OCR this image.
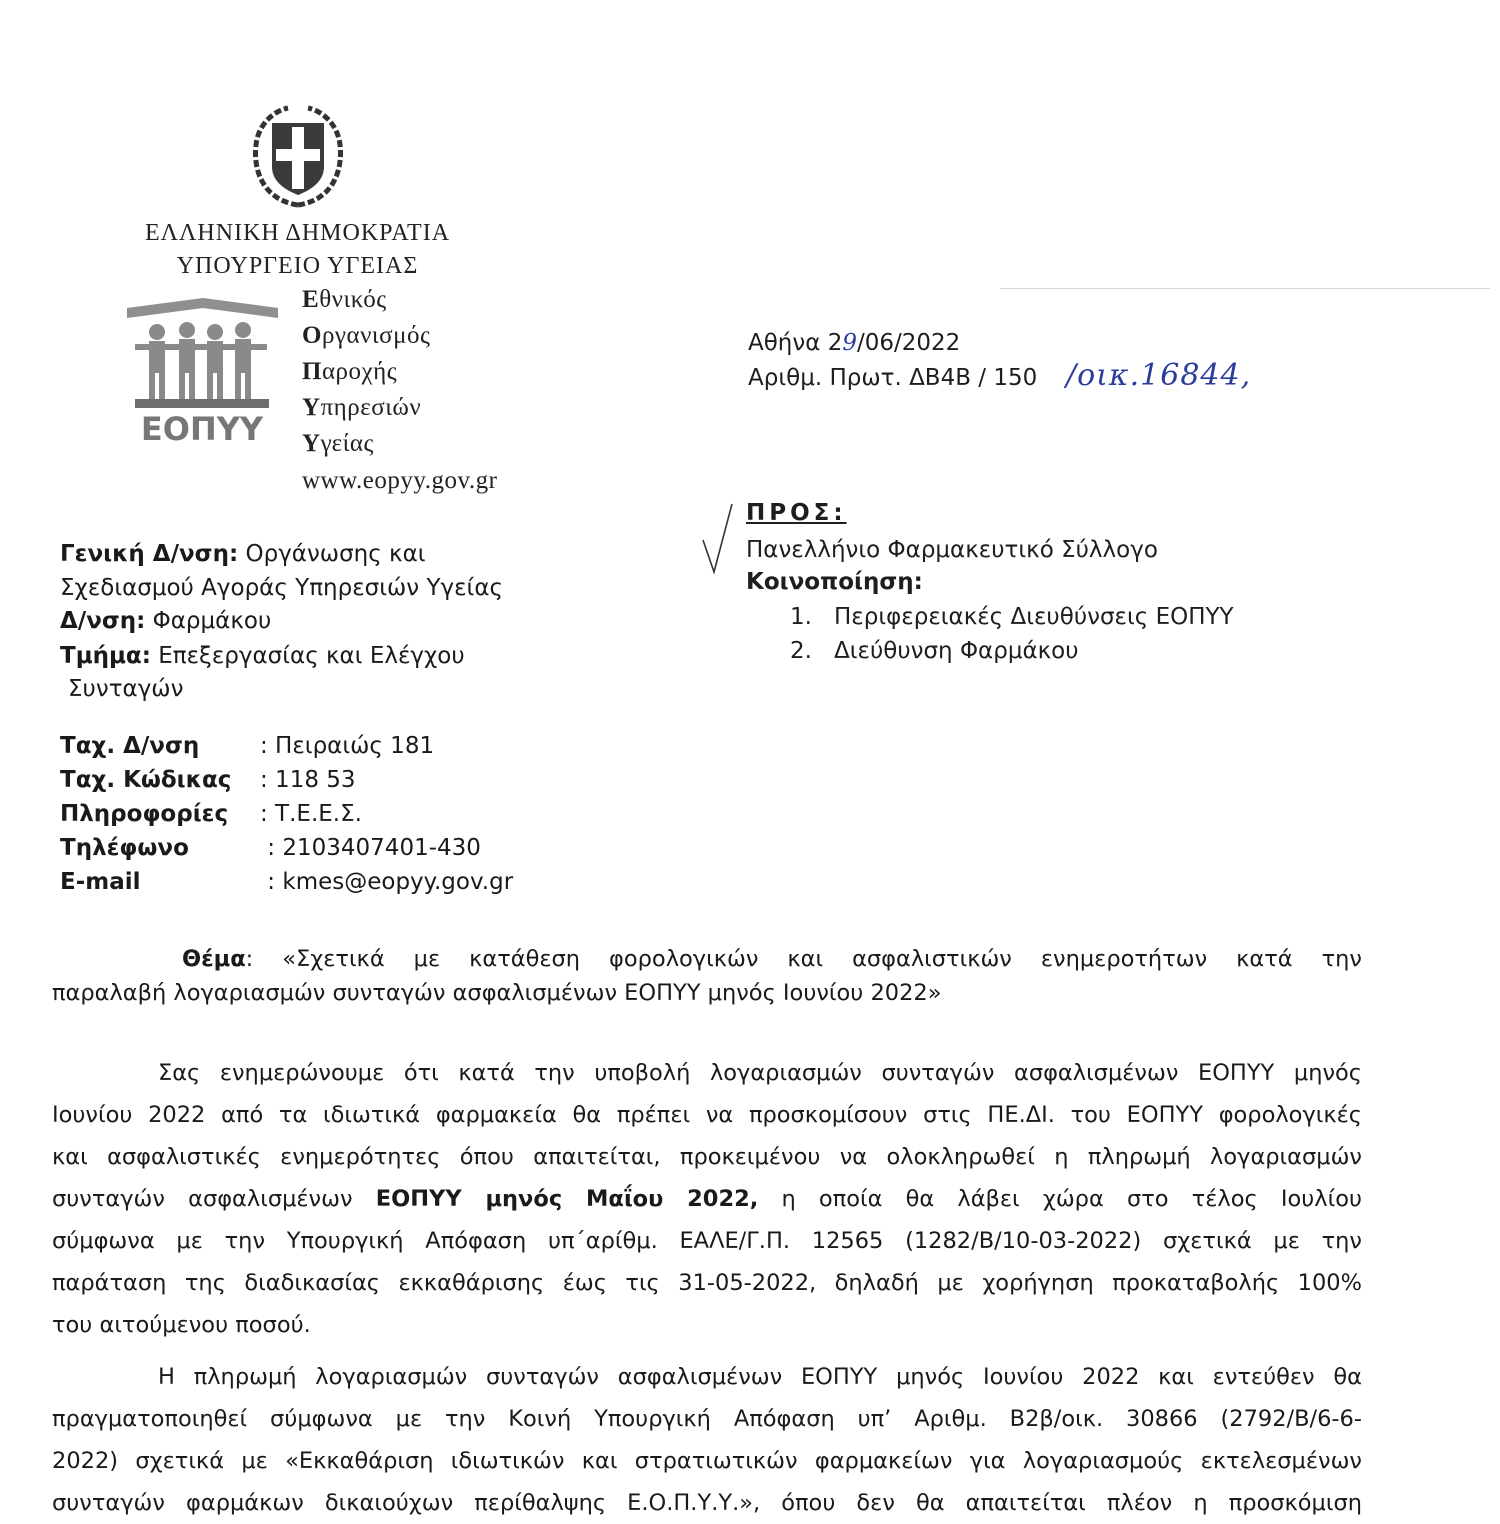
ΕΛΛΗΝΙΚΗ ΔΗΜΟΚΡΑΤΙΑ
ΥΠΟΥΡΓΕΙΟ ΥΓΕΙΑΣ
ΕΟΠΥΥ
Εθνικός
Οργανισμός
Παροχής
Υπηρεσιών
Υγείας
www.eopyy.gov.gr
Αθήνα 29/06/2022
Αριθμ. Πρωτ. ΔΒ4Β / 150 /οικ.16844,
ΠΡΟΣ:
Πανελλήνιο Φαρμακευτικό Σύλλογο
Κοινοποίηση:
1. Περιφερειακές Διευθύνσεις ΕΟΠΥΥ
2. Διεύθυνση Φαρμάκου
Γενική Δ/νση: Οργάνωσης και
Σχεδιασμού Αγοράς Υπηρεσιών Υγείας
Δ/νση: Φαρμάκου
Τμήμα: Επεξεργασίας και Ελέγχου
Συνταγών
Ταχ. Δ/νση	: Πειραιώς 181
Ταχ. Κώδικας : 118 53
Πληροφορίες : Τ.Ε.Ε.Σ.
Τηλέφωνο	: 2103407401-430
E-mail	: kmes@eopyy.gov.gr
Θέμα: «Σχετικά με κατάθεση φορολογικών και ασφαλιστικών ενημεροτήτων κατά την
παραλαβή λογαριασμών συνταγών ασφαλισμένων ΕΟΠΥΥ μηνός Ιουνίου 2022»
Σας ενημερώνουμε ότι κατά την υποβολή λογαριασμών συνταγών ασφαλισμένων ΕΟΠΥΥ μηνός
Ιουνίου 2022 από τα ιδιωτικά φαρμακεία θα πρέπει να προσκομίσουν στις ΠΕ.ΔΙ. του ΕΟΠΥΥ φορολογικές
και ασφαλιστικές ενημερότητες όπου απαιτείται, προκειμένου να ολοκληρωθεί η πληρωμή λογαριασμών
συνταγών ασφαλισμένων ΕΟΠΥΥ μηνός Μαΐου 2022, η οποία θα λάβει χώρα στο τέλος Ιουλίου
σύμφωνα με την Υπουργική Απόφαση υπ΄αρίθμ. ΕΑΛΕ/Γ.Π. 12565 (1282/Β/10-03-2022) σχετικά με την
παράταση της διαδικασίας εκκαθάρισης έως τις 31-05-2022, δηλαδή με χορήγηση προκαταβολής 100%
του αιτούμενου ποσού.
Η πληρωμή λογαριασμών συνταγών ασφαλισμένων ΕΟΠΥΥ μηνός Ιουνίου 2022 και εντεύθεν θα
πραγματοποιηθεί σύμφωνα με την Κοινή Υπουργική Απόφαση υπ’ Αριθμ. Β2β/οικ. 30866 (2792/Β/6-6-
2022) σχετικά με «Εκκαθάριση ιδιωτικών και στρατιωτικών φαρμακείων για λογαριασμούς εκτελεσμένων
συνταγών φαρμάκων δικαιούχων περίθαλψης Ε.Ο.Π.Υ.Υ.», όπου δεν θα απαιτείται πλέον η προσκόμιση
